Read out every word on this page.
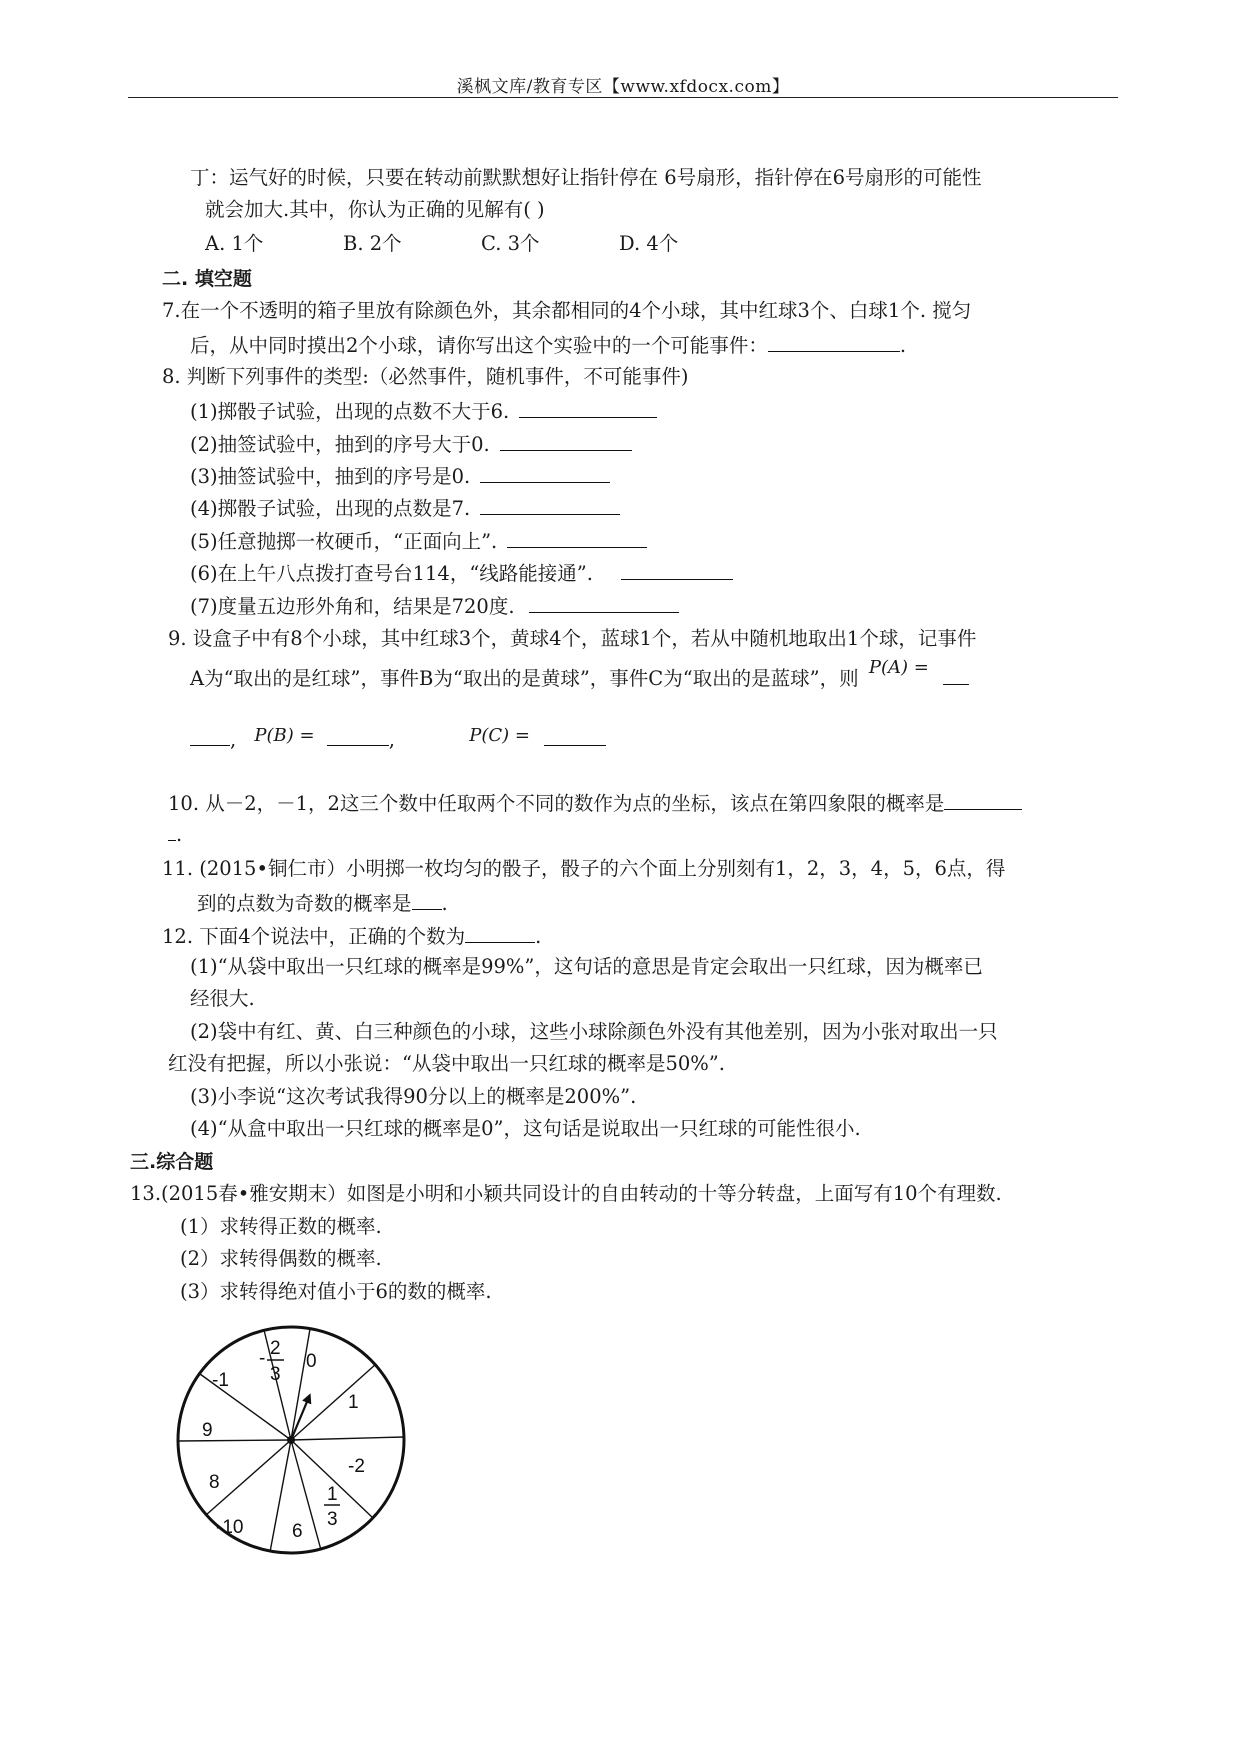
溪枫文库/教育专区【www.xfdocx.com】
丁：运气好的时候，只要在转动前默默想好让指针停在 6号扇形，指针停在6号扇形的可能性
就会加大.其中，你认为正确的见解有( )
A. 1个	B. 2个	C. 3个	D. 4个
二. 填空题
7.在一个不透明的箱子里放有除颜色外，其余都相同的4个小球，其中红球3个、白球1个. 搅匀
后，从中同时摸出2个小球，请你写出这个实验中的一个可能事件：	.
8. 判断下列事件的类型:（必然事件，随机事件，不可能事件)
(1)掷骰子试验，出现的点数不大于6.
(2)抽签试验中，抽到的序号大于0.
(3)抽签试验中，抽到的序号是0.
(4)掷骰子试验，出现的点数是7.
(5)任意抛掷一枚硬币，“正面向上”.
(6)在上午八点拨打查号台114，“线路能接通”.
(7)度量五边形外角和，结果是720度.
9. 设盒子中有8个小球，其中红球3个，黄球4个，蓝球1个，若从中随机地取出1个球，记事件
A为“取出的是红球”，事件B为“取出的是黄球”，事件C为“取出的是蓝球”，则 P(A) =
, P(B) =	,	P(C) =
10. 从－2，－1，2这三个数中任取两个不同的数作为点的坐标，该点在第四象限的概率是
.
11. (2015•铜仁市）小明掷一枚均匀的骰子，骰子的六个面上分别刻有1，2，3，4，5，6点，得
到的点数为奇数的概率是 .
12. 下面4个说法中，正确的个数为	.
(1)“从袋中取出一只红球的概率是99%”，这句话的意思是肯定会取出一只红球，因为概率已
经很大.
(2)袋中有红、黄、白三种颜色的小球，这些小球除颜色外没有其他差别，因为小张对取出一只
红没有把握，所以小张说：“从袋中取出一只红球的概率是50%”.
(3)小李说“这次考试我得90分以上的概率是200%”.
(4)“从盒中取出一只红球的概率是0”，这句话是说取出一只红球的可能性很小.
三.综合题
13.(2015春•雅安期末）如图是小明和小颖共同设计的自由转动的十等分转盘，上面写有10个有理数.
(1）求转得正数的概率.
(2）求转得偶数的概率.
(3）求转得绝对值小于6的数的概率.
0
1
-2
1
3
6
-10
8
9
-1
- 2
3
